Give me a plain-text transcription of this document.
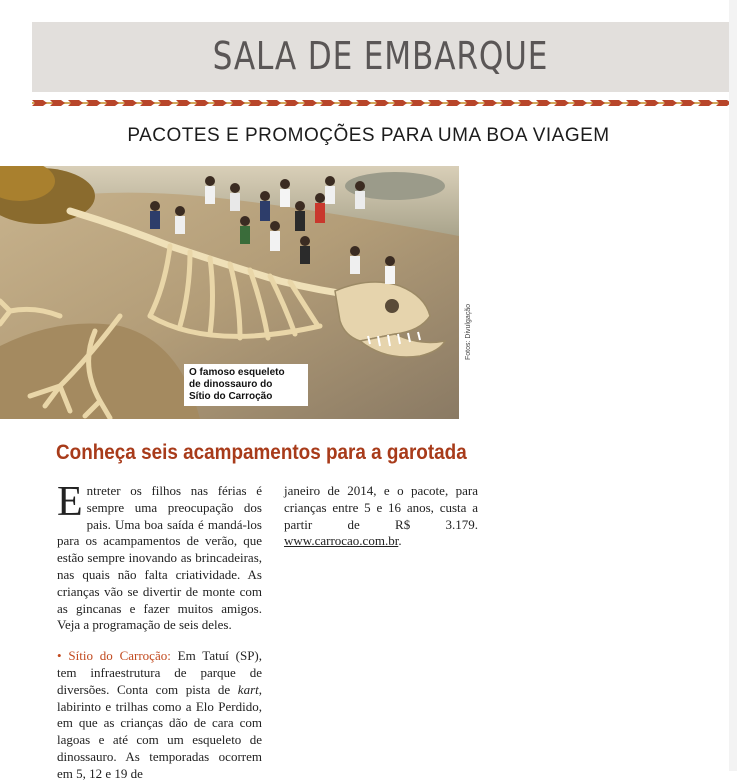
SALA DE EMBARQUE
PACOTES E PROMOÇÕES PARA UMA BOA VIAGEM
O famoso esqueleto
de dinossauro do
Sítio do Carroção
Fotos: Divulgação
Conheça seis acampamentos para a garotada

Entreter os filhos nas férias é sempre uma preocupação dos pais. Uma boa saída é mandá-los para os acampamentos de verão, que estão sempre inovando as brincadeiras, nas quais não falta criatividade. As crianças vão se divertir de monte com as gincanas e fazer muitos amigos. Veja a programação de seis deles.

• Sítio do Carroção: Em Tatuí (SP), tem infraestrutura de parque de diversões. Conta com pista de kart, labirinto e trilhas como a Elo Perdido, em que as crianças dão de cara com lagoas e até com um esqueleto de dinossauro. As temporadas ocorrem em 5, 12 e 19 de

janeiro de 2014, e o pacote, para crianças entre 5 e 16 anos, custa a partir de R$ 3.179. www.carrocao.com.br.
